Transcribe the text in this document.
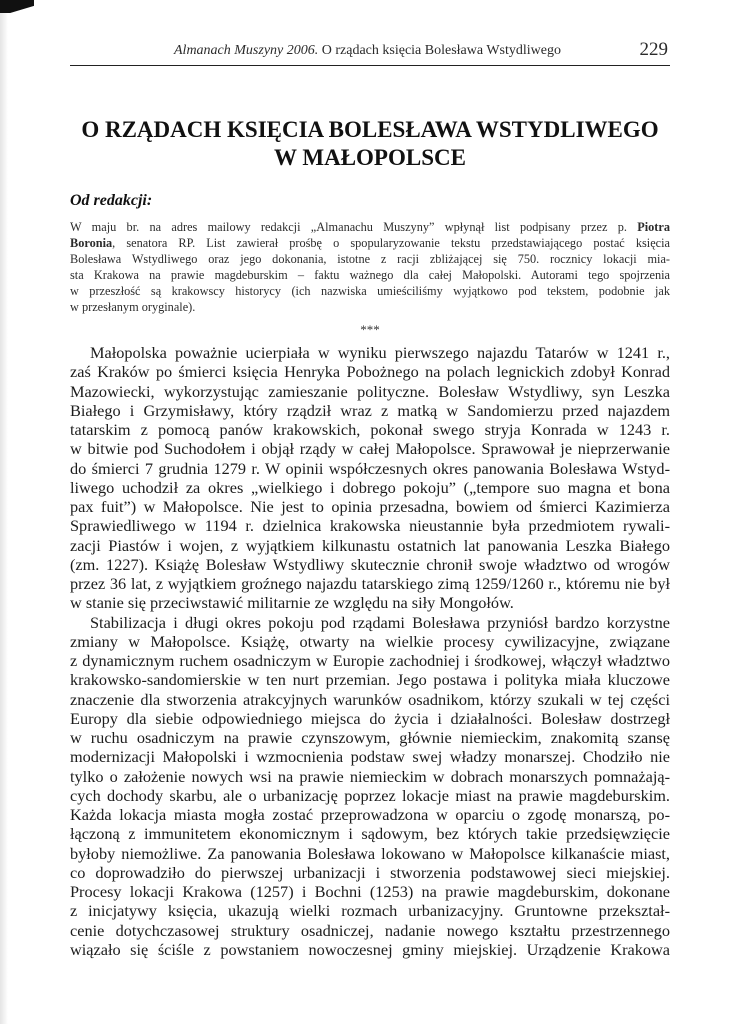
Almanach Muszyny 2006. O rządach księcia Bolesława Wstydliwego	229
O RZĄDACH KSIĘCIA BOLESŁAWA WSTYDLIWEGO
W MAŁOPOLSCE
Od redakcji:
W maju br. na adres mailowy redakcji „Almanachu Muszyny” wpłynął list podpisany przez p. Piotra
Boronia, senatora RP. List zawierał prośbę o spopularyzowanie tekstu przedstawiającego postać księcia
Bolesława Wstydliwego oraz jego dokonania, istotne z racji zbliżającej się 750. rocznicy lokacji mia-
sta Krakowa na prawie magdeburskim – faktu ważnego dla całej Małopolski. Autorami tego spojrzenia
w przeszłość są krakowscy historycy (ich nazwiska umieściliśmy wyjątkowo pod tekstem, podobnie jak
w przesłanym oryginale).
***
Małopolska poważnie ucierpiała w wyniku pierwszego najazdu Tatarów w 1241 r.,
zaś Kraków po śmierci księcia Henryka Pobożnego na polach legnickich zdobył Konrad
Mazowiecki, wykorzystując zamieszanie polityczne. Bolesław Wstydliwy, syn Leszka
Białego i Grzymisławy, który rządził wraz z matką w Sandomierzu przed najazdem
tatarskim z pomocą panów krakowskich, pokonał swego stryja Konrada w 1243 r.
w bitwie pod Suchodołem i objął rządy w całej Małopolsce. Sprawował je nieprzerwanie
do śmierci 7 grudnia 1279 r. W opinii współczesnych okres panowania Bolesława Wstyd-
liwego uchodził za okres „wielkiego i dobrego pokoju” („tempore suo magna et bona
pax fuit”) w Małopolsce. Nie jest to opinia przesadna, bowiem od śmierci Kazimierza
Sprawiedliwego w 1194 r. dzielnica krakowska nieustannie była przedmiotem rywali-
zacji Piastów i wojen, z wyjątkiem kilkunastu ostatnich lat panowania Leszka Białego
(zm. 1227). Książę Bolesław Wstydliwy skutecznie chronił swoje władztwo od wrogów
przez 36 lat, z wyjątkiem groźnego najazdu tatarskiego zimą 1259/1260 r., któremu nie był
w stanie się przeciwstawić militarnie ze względu na siły Mongołów.
Stabilizacja i długi okres pokoju pod rządami Bolesława przyniósł bardzo korzystne
zmiany w Małopolsce. Książę, otwarty na wielkie procesy cywilizacyjne, związane
z dynamicznym ruchem osadniczym w Europie zachodniej i środkowej, włączył władztwo
krakowsko-sandomierskie w ten nurt przemian. Jego postawa i polityka miała kluczowe
znaczenie dla stworzenia atrakcyjnych warunków osadnikom, którzy szukali w tej części
Europy dla siebie odpowiedniego miejsca do życia i działalności. Bolesław dostrzegł
w ruchu osadniczym na prawie czynszowym, głównie niemieckim, znakomitą szansę
modernizacji Małopolski i wzmocnienia podstaw swej władzy monarszej. Chodziło nie
tylko o założenie nowych wsi na prawie niemieckim w dobrach monarszych pomnażają-
cych dochody skarbu, ale o urbanizację poprzez lokacje miast na prawie magdeburskim.
Każda lokacja miasta mogła zostać przeprowadzona w oparciu o zgodę monarszą, po-
łączoną z immunitetem ekonomicznym i sądowym, bez których takie przedsięwzięcie
byłoby niemożliwe. Za panowania Bolesława lokowano w Małopolsce kilkanaście miast,
co doprowadziło do pierwszej urbanizacji i stworzenia podstawowej sieci miejskiej.
Procesy lokacji Krakowa (1257) i Bochni (1253) na prawie magdeburskim, dokonane
z inicjatywy księcia, ukazują wielki rozmach urbanizacyjny. Gruntowne przekształ-
cenie dotychczasowej struktury osadniczej, nadanie nowego kształtu przestrzennego
wiązało się ściśle z powstaniem nowoczesnej gminy miejskiej. Urządzenie Krakowa
